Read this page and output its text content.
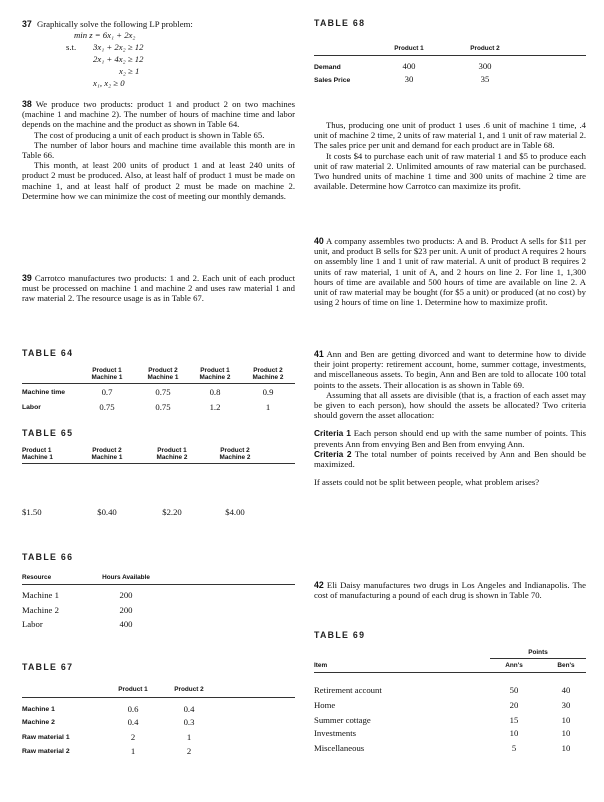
37 Graphically solve the following LP problem:
min z = 6x₁ + 2x₂
s.t. 3x₁ + 2x₂ ≥ 12
2x₁ + 4x₂ ≥ 12
x₂ ≥ 1
x₁, x₂ ≥ 0

38 We produce two products: product 1 and product 2 on two machines (machine 1 and machine 2). The number of hours of machine time and labor depends on the machine and the product as shown in Table 64.

The cost of producing a unit of each product is shown in Table 65.

The number of labor hours and machine time available this month are in Table 66.

This month, at least 200 units of product 1 and at least 240 units of product 2 must be produced. Also, at least half of product 1 must be made on machine 1, and at least half of product 2 must be made on machine 2. Determine how we can minimize the cost of meeting our monthly demands.

39 Carrotco manufactures two products: 1 and 2. Each unit of each product must be processed on machine 1 and machine 2 and uses raw material 1 and raw material 2. The resource usage is as in Table 67.

TABLE 64
Product 1
Machine 1
Product 2
Machine 1
Product 1
Machine 2
Product 2
Machine 2
Machine time	0.7	0.75	0.8	0.9
Labor	0.75	0.75	1.2	1
TABLE 65
Product 1
Machine 1
Product 2
Machine 1
Product 1
Machine 2
Product 2
Machine 2
$1.50	$0.40	$2.20	$4.00
TABLE 66
Resource	Hours Available
Machine 1	200
Machine 2	200
Labor	400
TABLE 67
Product 1	Product 2
Machine 1	0.6	0.4
Machine 2	0.4	0.3
Raw material 1	2	1
Raw material 2	1	2
TABLE 68
Product 1	Product 2
Demand	400	300
Sales Price	30	35

Thus, producing one unit of product 1 uses .6 unit of machine 1 time, .4 unit of machine 2 time, 2 units of raw material 1, and 1 unit of raw material 2. The sales price per unit and demand for each product are in Table 68.

It costs $4 to purchase each unit of raw material 1 and $5 to produce each unit of raw material 2. Unlimited amounts of raw material can be purchased. Two hundred units of machine 1 time and 300 units of machine 2 time are available. Determine how Carrotco can maximize its profit.

40 A company assembles two products: A and B. Product A sells for $11 per unit, and product B sells for $23 per unit. A unit of product A requires 2 hours on assembly line 1 and 1 unit of raw material. A unit of product B requires 2 units of raw material, 1 unit of A, and 2 hours on line 2. For line 1, 1,300 hours of time are available and 500 hours of time are available on line 2. A unit of raw material may be bought (for $5 a unit) or produced (at no cost) by using 2 hours of time on line 1. Determine how to maximize profit.

41 Ann and Ben are getting divorced and want to determine how to divide their joint property: retirement account, home, summer cottage, investments, and miscellaneous assets. To begin, Ann and Ben are told to allocate 100 total points to the assets. Their allocation is as shown in Table 69.

Assuming that all assets are divisible (that is, a fraction of each asset may be given to each person), how should the assets be allocated? Two criteria should govern the asset allocation:

Criteria 1 Each person should end up with the same number of points. This prevents Ann from envying Ben and Ben from envying Ann.

Criteria 2 The total number of points received by Ann and Ben should be maximized.

If assets could not be split between people, what problem arises?

42 Eli Daisy manufactures two drugs in Los Angeles and Indianapolis. The cost of manufacturing a pound of each drug is shown in Table 70.

TABLE 69
Points
Item	Ann's	Ben's
Retirement account	50	40
Home	20	30
Summer cottage	15	10
Investments	10	10
Miscellaneous	5	10
